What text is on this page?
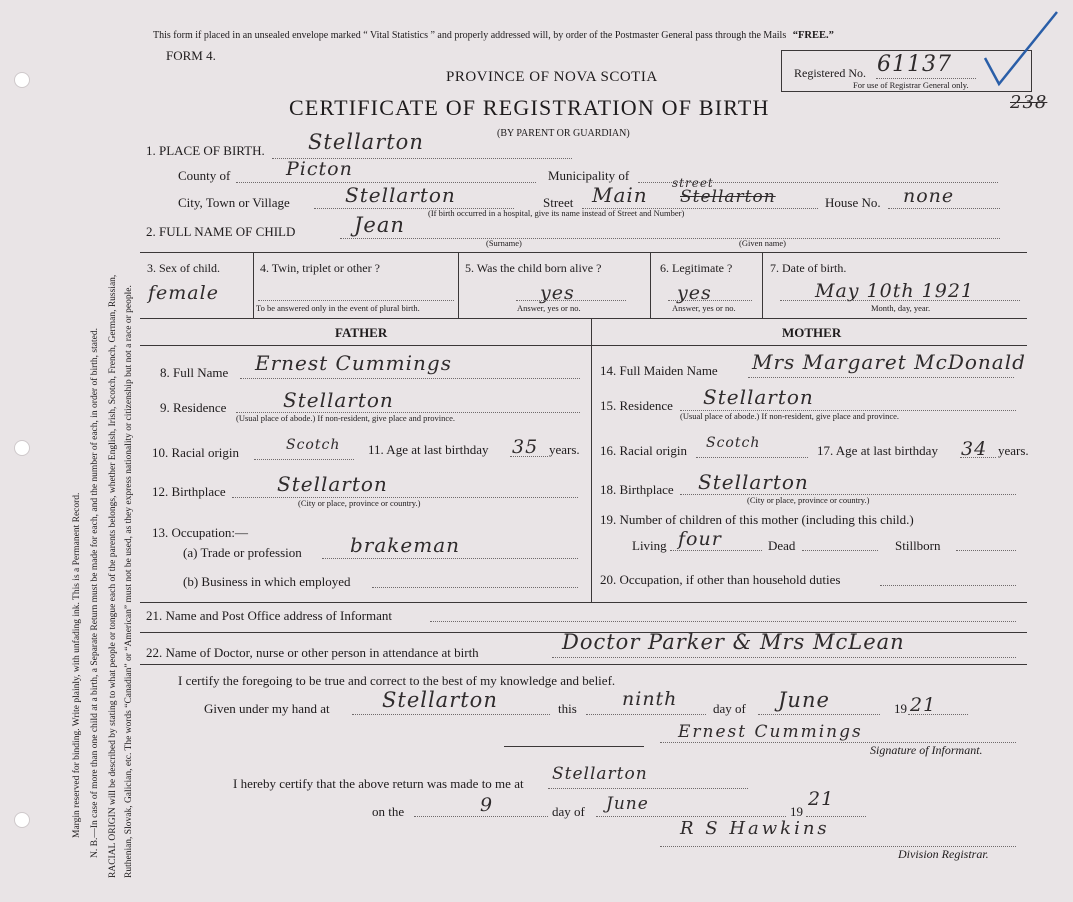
Margin reserved for binding. Write plainly, with unfading ink. This is a Permanent Record. N. B.—In case of more than one child at a birth, a Separate Return must be made for each, and the number of each, in order of birth, stated. RACIAL ORIGIN will be described by stating to what people or tongue each of the parents belongs, whether English, Irish, Scotch, French, German, Russian, Ruthenian, Slovak, Galician, etc. The words “Canadian” or “American” must not be used, as they express nationality or citizenship but not a race or people.
This form if placed in an unsealed envelope marked “ Vital Statistics ” and properly addressed will, by order of the Postmaster General pass through the Mails “FREE.”
FORM 4.
PROVINCE OF NOVA SCOTIA
CERTIFICATE OF REGISTRATION OF BIRTH
(BY PARENT OR GUARDIAN)
Registered No. 61137
For use of Registrar General only.
238
1. PLACE OF BIRTH. Stellarton
County of	Picton	Municipality of
City, Town or Village	Stellarton	Street Main street
Stellarton	House No. none
(If birth occurred in a hospital, give its name instead of Street and Number)
2. FULL NAME OF CHILD	Jean
(Surname)	(Given name)
3. Sex of child.
female
4. Twin, triplet or other ?
To be answered only in the event of plural birth.
5. Was the child born alive ?
yes
Answer, yes or no.
6. Legitimate ?
yes
Answer, yes or no.
7. Date of birth.
May 10th 1921
Month, day, year.
FATHER	MOTHER
8. Full Name Ernest Cummings
9. Residence	Stellarton
(Usual place of abode.) If non-resident, give place and province.
10. Racial origin	Scotch 11. Age at last birthday 35 years.
12. Birthplace	Stellarton
(City or place, province or country.)
13. Occupation:—
(a) Trade or profession brakeman
(b) Business in which employed
14. Full Maiden Name Mrs Margaret McDonald
15. Residence Stellarton
(Usual place of abode.) If non-resident, give place and province.
16. Racial origin Scotch	17. Age at last birthday 34 years.
18. Birthplace Stellarton
(City or place, province or country.)
19. Number of children of this mother (including this child.)
Living four	Dead	Stillborn
20. Occupation, if other than household duties
21. Name and Post Office address of Informant
22. Name of Doctor, nurse or other person in attendance at birth	Doctor Parker & Mrs McLean
I certify the foregoing to be true and correct to the best of my knowledge and belief.
Given under my hand at Stellarton	this ninth	day of June	19 21
Ernest Cummings
Signature of Informant.
I hereby certify that the above return was made to me at Stellarton
on the	9	day of June	19
21
R S Hawkins
Division Registrar.
